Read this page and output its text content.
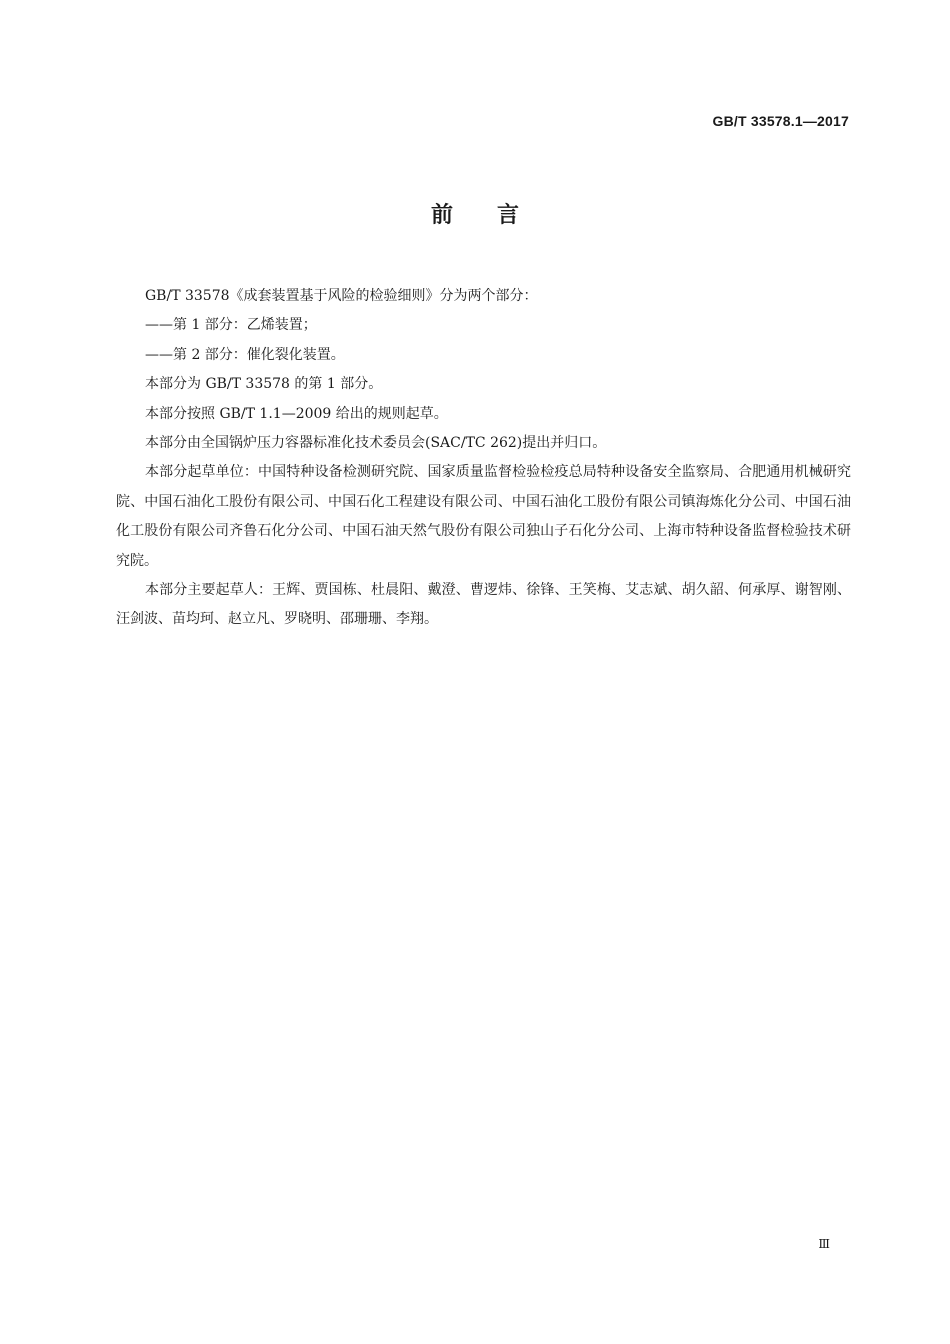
GB/T 33578.1—2017
前言

GB/T 33578《成套装置基于风险的检验细则》分为两个部分：

——第 1 部分：乙烯装置；

——第 2 部分：催化裂化装置。

本部分为 GB/T 33578 的第 1 部分。

本部分按照 GB/T 1.1—2009 给出的规则起草。

本部分由全国锅炉压力容器标准化技术委员会(SAC/TC 262)提出并归口。

本部分起草单位：中国特种设备检测研究院、国家质量监督检验检疫总局特种设备安全监察局、合肥通用机械研究院、中国石油化工股份有限公司、中国石化工程建设有限公司、中国石油化工股份有限公司镇海炼化分公司、中国石油化工股份有限公司齐鲁石化分公司、中国石油天然气股份有限公司独山子石化分公司、上海市特种设备监督检验技术研究院。

本部分主要起草人：王辉、贾国栋、杜晨阳、戴澄、曹逻炜、徐锋、王笑梅、艾志斌、胡久韶、何承厚、谢智刚、汪剑波、苗均珂、赵立凡、罗晓明、邵珊珊、李翔。

Ⅲ
